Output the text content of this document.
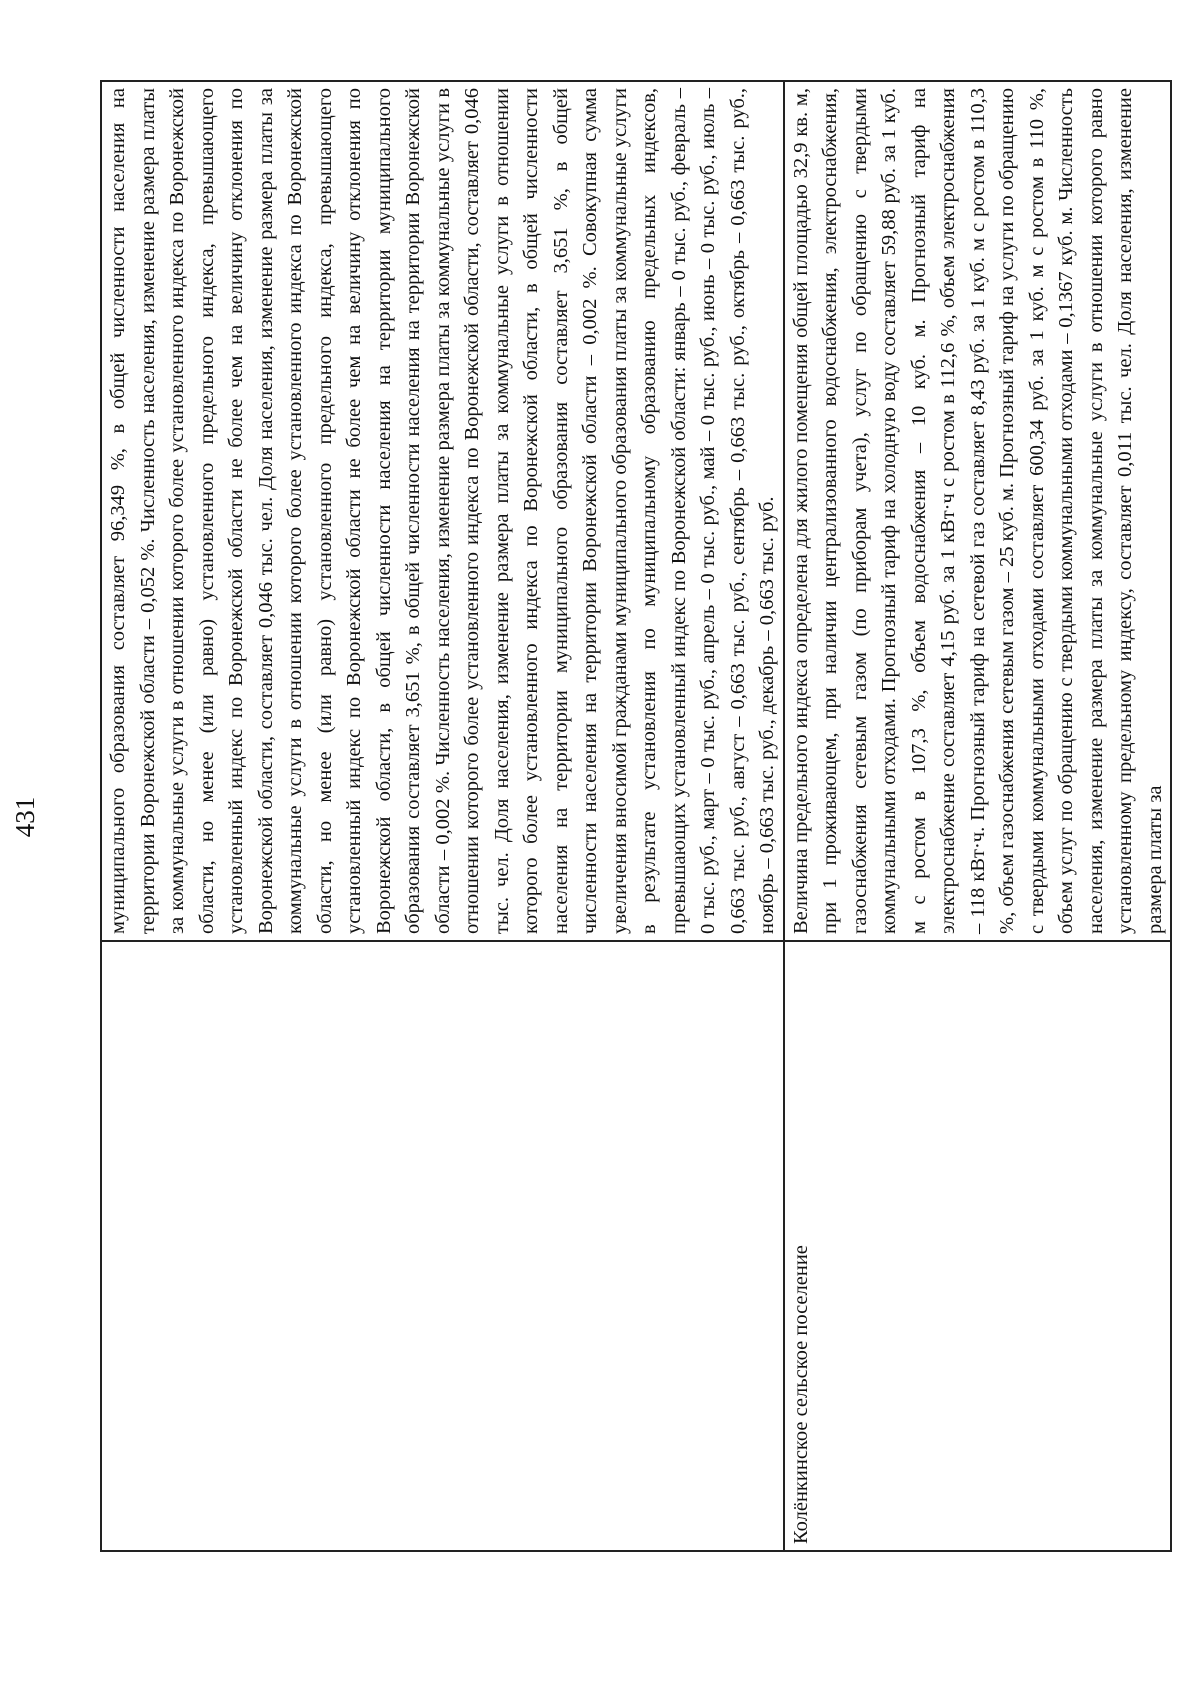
431
		муниципального образования составляет 96,349 %, в общей численности населения на территории Воронежской области – 0,052 %. Численность населения, изменение размера платы за коммунальные услуги в отношении которого более установленного индекса по Воронежской области, но менее (или равно) установленного предельного индекса, превышающего установленный индекс по Воронежской области не более чем на величину отклонения по Воронежской области, составляет 0,046 тыс. чел. Доля населения, изменение размера платы за коммунальные услуги в отношении которого более установленного индекса по Воронежской области, но менее (или равно) установленного предельного индекса, превышающего установленный индекс по Воронежской области не более чем на величину отклонения по Воронежской области, в общей численности населения на территории муниципального образования составляет 3,651 %, в общей численности населения на территории Воронежской области – 0,002 %. Численность населения, изменение размера платы за коммунальные услуги в отношении которого более установленного индекса по Воронежской области, составляет 0,046 тыс. чел. Доля населения, изменение размера платы за коммунальные услуги в отношении которого более установленного индекса по Воронежской области, в общей численности населения на территории муниципального образования составляет 3,651 %, в общей численности населения на территории Воронежской области – 0,002 %. Совокупная сумма увеличения вносимой гражданами муниципального образования платы за коммунальные услуги в результате установления по муниципальному образованию предельных индексов, превышающих установленный индекс по Воронежской области: январь – 0 тыс. руб., февраль – 0 тыс. руб., март – 0 тыс. руб., апрель – 0 тыс. руб., май – 0 тыс. руб., июнь – 0 тыс. руб., июль – 0,663 тыс. руб., август – 0,663 тыс. руб., сентябрь – 0,663 тыс. руб., октябрь – 0,663 тыс. руб., ноябрь – 0,663 тыс. руб., декабрь – 0,663 тыс. руб.
Колёнкинское сельское поселение	Величина предельного индекса определена для жилого помещения общей площадью 32,9 кв. м, при 1 проживающем, при наличии централизованного водоснабжения, электроснабжения, газоснабжения сетевым газом (по приборам учета), услуг по обращению с твердыми коммунальными отходами. Прогнозный тариф на холодную воду составляет 59,88 руб. за 1 куб. м с ростом в 107,3 %, объем водоснабжения – 10 куб. м. Прогнозный тариф на электроснабжение составляет 4,15 руб. за 1 кВт·ч с ростом в 112,6 %, объем электроснабжения – 118 кВт·ч. Прогнозный тариф на сетевой газ составляет 8,43 руб. за 1 куб. м с ростом в 110,3 %, объем газоснабжения сетевым газом – 25 куб. м. Прогнозный тариф на услуги по обращению с твердыми коммунальными отходами составляет 600,34 руб. за 1 куб. м с ростом в 110 %, объем услуг по обращению с твердыми коммунальными отходами – 0,1367 куб. м. Численность населения, изменение размера платы за коммунальные услуги в отношении которого равно установленному предельному индексу, составляет 0,011 тыс. чел. Доля населения, изменение размера платы за
